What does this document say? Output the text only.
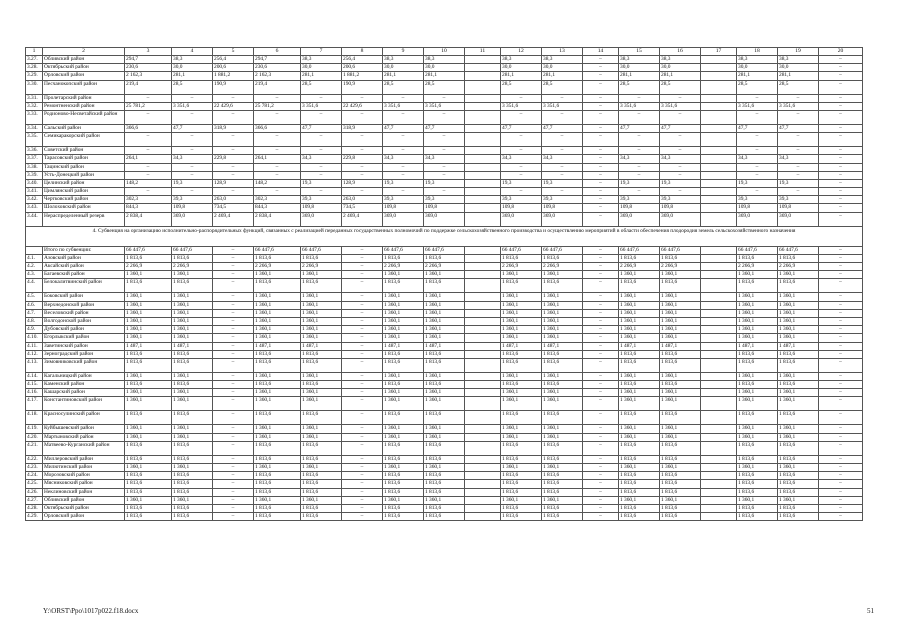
1	2	3	4	5	6	7	8	9	10	11	12	13	14	15	16	17	18	19	20
3.27.	Обливский район	294,7	38,3	256,4	294,7	38,3	256,4	38,3	38,3		38,3	38,3	–	38,3	38,3		38,3	38,3	–
3.28.	Октябрьский район	230,6	30,0	200,6	230,6	30,0	200,6	30,0	30,0		30,0	30,0	–	30,0	30,0		30,0	30,0	–
3.29.	Орловский район	2 162,3	281,1	1 881,2	2 162,3	281,1	1 881,2	281,1	281,1		281,1	281,1	–	281,1	281,1		281,1	281,1	–
3.30.	Песчанокопский район	219,4	28,5	190,9	219,4	28,5	190,9	28,5	28,5		28,5	28,5	–	28,5	28,5		28,5	28,5	–
3.31.	Пролетарский район	–	–	–	–	–	–	–	–		–	–	–	–	–		–	–	–
3.32.	Ремонтненский район	25 781,2	3 351,6	22 429,6	25 781,2	3 351,6	22 429,6	3 351,6	3 351,6		3 351,6	3 351,6	–	3 351,6	3 351,6		3 351,6	3 351,6	–
3.33.	Родионово-Несветайский район	–	–	–	–	–	–	–	–		–	–	–	–	–		–	–	–
3.34.	Сальский район	366,6	47,7	318,9	366,6	47,7	318,9	47,7	47,7		47,7	47,7	–	47,7	47,7		47,7	47,7	–
3.35.	Семикаракорский район	–	–	–	–	–	–	–	–		–	–	–	–	–		–	–	–
3.36.	Советский район	–	–	–	–	–	–	–	–		–	–	–	–	–		–	–	–
3.37.	Тарасовский район	264,1	34,3	229,8	264,1	34,3	229,8	34,3	34,3		34,3	34,3	–	34,3	34,3		34,3	34,3	–
3.38.	Тацинский район	–	–	–	–	–	–	–	–		–	–	–	–	–		–	–	–
3.39.	Усть-Донецкий район	–	–	–	–	–	–	–	–		–	–	–	–	–		–	–	–
3.40.	Целинский район	148,2	19,3	128,9	148,2	19,3	128,9	19,3	19,3		19,3	19,3	–	19,3	19,3		19,3	19,3	–
3.41.	Цимлянский район	–	–	–	–	–	–	–	–		–	–	–	–	–		–	–	–
3.42.	Чертковский район	302,3	39,3	263,0	302,3	39,3	263,0	39,3	39,3		39,3	39,3	–	39,3	39,3		39,3	39,3	–
3.43.	Шолоховский район	844,3	109,8	734,5	844,3	109,8	734,5	109,8	109,8		109,8	109,8	–	109,8	109,8		109,8	109,8	–
3.44.	Нераспределенный резерв	2 838,4	369,0	2 469,4	2 838,4	369,0	2 469,4	369,0	369,0		369,0	369,0	–	369,0	369,0		369,0	369,0	–
4. Субвенция на организацию исполнительно-распорядительных функций, связанных с реализацией переданных государственных полномочий по поддержке сельскохозяйственного производства и осуществлению мероприятий в области обеспечения плодородия земель сельскохозяйственного назначения																			
	Итого по субвенции:	66 447,6	66 447,6	–	66 447,6	66 447,6	–	66 447,6	66 447,6		66 447,6	66 447,6	–	66 447,6	66 447,6		66 447,6	66 447,6	–
4.1.	Азовский район	1 813,6	1 813,6	–	1 813,6	1 813,6	–	1 813,6	1 813,6		1 813,6	1 813,6	–	1 813,6	1 813,6		1 813,6	1 813,6	–
4.2.	Аксайский район	2 266,9	2 266,9	–	2 266,9	2 266,9	–	2 266,9	2 266,9		2 266,9	2 266,9	–	2 266,9	2 266,9		2 266,9	2 266,9	–
4.3.	Багаевский район	1 360,1	1 360,1	–	1 360,1	1 360,1	–	1 360,1	1 360,1		1 360,1	1 360,1	–	1 360,1	1 360,1		1 360,1	1 360,1	–
4.4.	Белокалитвинский район	1 813,6	1 813,6	–	1 813,6	1 813,6	–	1 813,6	1 813,6		1 813,6	1 813,6	–	1 813,6	1 813,6		1 813,6	1 813,6	–
4.5.	Боковский район	1 360,1	1 360,1	–	1 360,1	1 360,1	–	1 360,1	1 360,1		1 360,1	1 360,1	–	1 360,1	1 360,1		1 360,1	1 360,1	–
4.6.	Верхнедонской район	1 360,1	1 360,1	–	1 360,1	1 360,1	–	1 360,1	1 360,1		1 360,1	1 360,1	–	1 360,1	1 360,1		1 360,1	1 360,1	–
4.7.	Веселовский район	1 360,1	1 360,1	–	1 360,1	1 360,1	–	1 360,1	1 360,1		1 360,1	1 360,1	–	1 360,1	1 360,1		1 360,1	1 360,1	–
4.8.	Волгодонской район	1 360,1	1 360,1	–	1 360,1	1 360,1	–	1 360,1	1 360,1		1 360,1	1 360,1	–	1 360,1	1 360,1		1 360,1	1 360,1	–
4.9.	Дубовский район	1 360,1	1 360,1	–	1 360,1	1 360,1	–	1 360,1	1 360,1		1 360,1	1 360,1	–	1 360,1	1 360,1		1 360,1	1 360,1	–
4.10.	Егорлыкский район	1 360,1	1 360,1	–	1 360,1	1 360,1	–	1 360,1	1 360,1		1 360,1	1 360,1	–	1 360,1	1 360,1		1 360,1	1 360,1	–
4.11.	Заветинский район	1 487,1	1 487,1	–	1 487,1	1 487,1	–	1 487,1	1 487,1		1 487,1	1 487,1	–	1 487,1	1 487,1		1 487,1	1 487,1	–
4.12.	Зерноградский район	1 813,6	1 813,6	–	1 813,6	1 813,6	–	1 813,6	1 813,6		1 813,6	1 813,6	–	1 813,6	1 813,6		1 813,6	1 813,6	–
4.13.	Зимовниковский район	1 813,6	1 813,6	–	1 813,6	1 813,6	–	1 813,6	1 813,6		1 813,6	1 813,6	–	1 813,6	1 813,6		1 813,6	1 813,6	–
4.14.	Кагальницкий район	1 360,1	1 360,1	–	1 360,1	1 360,1	–	1 360,1	1 360,1		1 360,1	1 360,1	–	1 360,1	1 360,1		1 360,1	1 360,1	–
4.15.	Каменский район	1 813,6	1 813,6	–	1 813,6	1 813,6	–	1 813,6	1 813,6		1 813,6	1 813,6	–	1 813,6	1 813,6		1 813,6	1 813,6	–
4.16.	Кашарский район	1 360,1	1 360,1	–	1 360,1	1 360,1	–	1 360,1	1 360,1		1 360,1	1 360,1	–	1 360,1	1 360,1		1 360,1	1 360,1	–
4.17.	Константиновский район	1 360,1	1 360,1	–	1 360,1	1 360,1	–	1 360,1	1 360,1		1 360,1	1 360,1	–	1 360,1	1 360,1		1 360,1	1 360,1	–
4.18.	Красносулинский район	1 813,6	1 813,6	–	1 813,6	1 813,6	–	1 813,6	1 813,6		1 813,6	1 813,6	–	1 813,6	1 813,6		1 813,6	1 813,6	–
4.19.	Куйбышевский район	1 360,1	1 360,1	–	1 360,1	1 360,1	–	1 360,1	1 360,1		1 360,1	1 360,1	–	1 360,1	1 360,1		1 360,1	1 360,1	–
4.20.	Мартыновский район	1 360,1	1 360,1	–	1 360,1	1 360,1	–	1 360,1	1 360,1		1 360,1	1 360,1	–	1 360,1	1 360,1		1 360,1	1 360,1	–
4.21.	Матвеево-Курганский район	1 813,6	1 813,6	–	1 813,6	1 813,6	–	1 813,6	1 813,6		1 813,6	1 813,6	–	1 813,6	1 813,6		1 813,6	1 813,6	–
4.22.	Миллеровский район	1 813,6	1 813,6	–	1 813,6	1 813,6	–	1 813,6	1 813,6		1 813,6	1 813,6	–	1 813,6	1 813,6		1 813,6	1 813,6	–
4.23.	Милютинский район	1 360,1	1 360,1	–	1 360,1	1 360,1	–	1 360,1	1 360,1		1 360,1	1 360,1	–	1 360,1	1 360,1		1 360,1	1 360,1	–
4.24.	Морозовский район	1 813,6	1 813,6	–	1 813,6	1 813,6	–	1 813,6	1 813,6		1 813,6	1 813,6	–	1 813,6	1 813,6		1 813,6	1 813,6	–
4.25.	Мясниковский район	1 813,6	1 813,6	–	1 813,6	1 813,6	–	1 813,6	1 813,6		1 813,6	1 813,6	–	1 813,6	1 813,6		1 813,6	1 813,6	–
4.26.	Неклиновский район	1 813,6	1 813,6	–	1 813,6	1 813,6	–	1 813,6	1 813,6		1 813,6	1 813,6	–	1 813,6	1 813,6		1 813,6	1 813,6	–
4.27.	Обливский район	1 360,1	1 360,1	–	1 360,1	1 360,1	–	1 360,1	1 360,1		1 360,1	1 360,1	–	1 360,1	1 360,1		1 360,1	1 360,1	–
4.28.	Октябрьский район	1 813,6	1 813,6	–	1 813,6	1 813,6	–	1 813,6	1 813,6		1 813,6	1 813,6	–	1 813,6	1 813,6		1 813,6	1 813,6	–
4.29.	Орловский район	1 813,6	1 813,6	–	1 813,6	1 813,6	–	1 813,6	1 813,6		1 813,6	1 813,6	–	1 813,6	1 813,6		1 813,6	1 813,6	–
Y:\ORST\Ppo\1017p022.f18.docx	51
